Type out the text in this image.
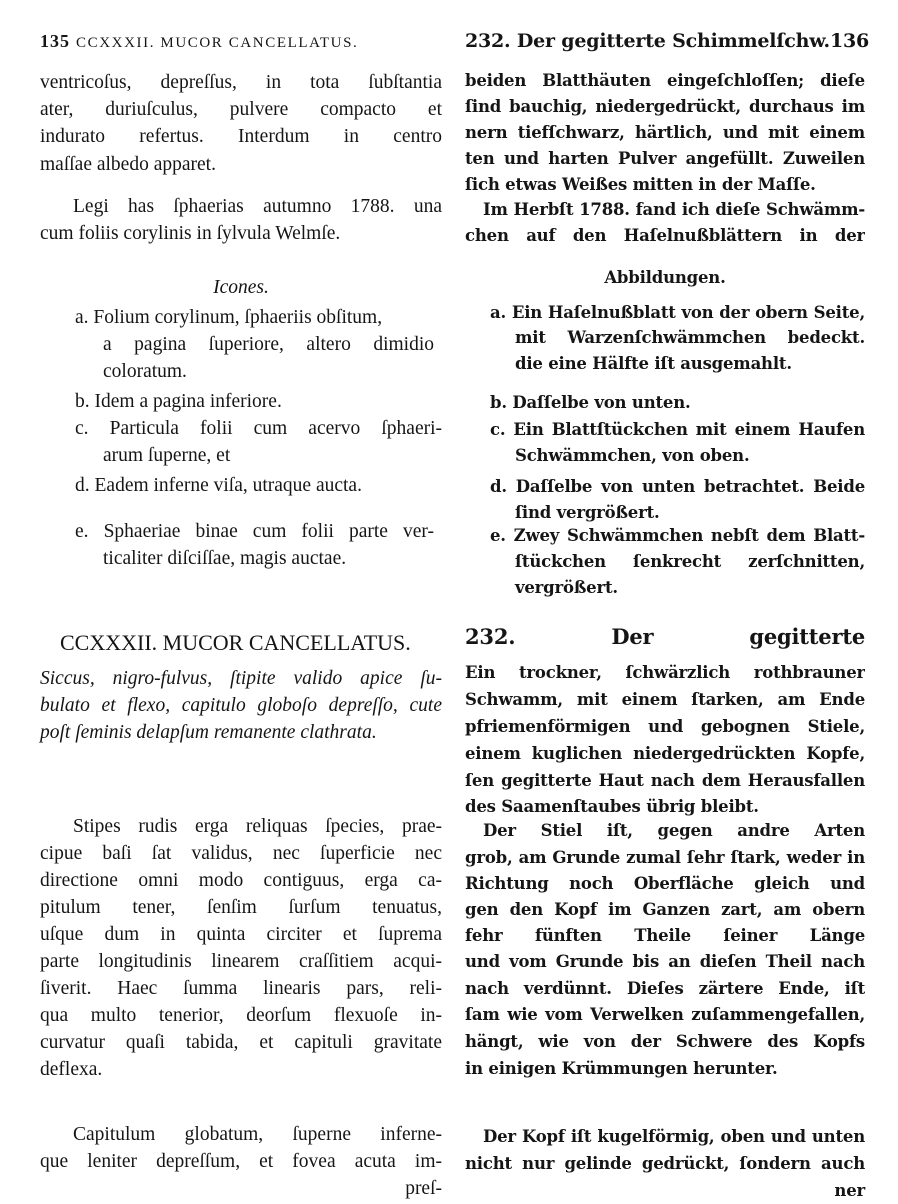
135 CCXXXII. MUCOR CANCELLATUS.
ventricoſus, depreſſus, in tota ſubſtantia
ater, duriuſculus, pulvere compacto et
indurato refertus. Interdum in centro
maſſae albedo apparet.
Legi has ſphaerias autumno 1788. una
cum foliis corylinis in ſylvula Welmſe.
Icones.
a. Folium corylinum, ſphaeriis obſitum,
a pagina ſuperiore, altero dimidio
coloratum.
b. Idem a pagina inferiore.
c. Particula folii cum acervo ſphaeri-
arum ſuperne, et
d. Eadem inferne viſa, utraque aucta.
e. Sphaeriae binae cum folii parte ver-
ticaliter diſciſſae, magis auctae.
CCXXXII. MUCOR CANCELLATUS.
Siccus, nigro-fulvus, ſtipite valido apice ſu-
bulato et flexo, capitulo globoſo depreſſo, cute
poſt ſeminis delapſum remanente clathrata.
Stipes rudis erga reliquas ſpecies, prae-
cipue baſi ſat validus, nec ſuperficie nec
directione omni modo contiguus, erga ca-
pitulum tener, ſenſim ſurſum tenuatus,
uſque dum in quinta circiter et ſuprema
parte longitudinis linearem craſſitiem acqui-
ſiverit. Haec ſumma linearis pars, reli-
qua multo tenerior, deorſum flexuoſe in-
curvatur quaſi tabida, et capituli gravitate
deflexa.
Capitulum globatum, ſuperne inferne-
que leniter depreſſum, et fovea acuta im-
preſ-
232. Der gegitterte Schimmelſchw. 136
beiden Blatthäuten eingeſchloſſen; dieſe
ſind bauchig, niedergedrückt, durchaus im
nern tiefſchwarz, härtlich, und mit einem
ten und harten Pulver angefüllt. Zuweilen
ſich etwas Weißes mitten in der Maſſe.
Im Herbſt 1788. fand ich dieſe Schwämm-
chen auf den Haſelnußblättern in der
Abbildungen.
a. Ein Haſelnußblatt von der obern Seite,
mit Warzenſchwämmchen bedeckt.
die eine Hälfte iſt ausgemahlt.
b. Daſſelbe von unten.
c. Ein Blattſtückchen mit einem Haufen
Schwämmchen, von oben.
d. Daſſelbe von unten betrachtet. Beide
ſind vergrößert.
e. Zwey Schwämmchen nebſt dem Blatt-
ſtückchen ſenkrecht zerſchnitten,
vergrößert.
232. Der gegitterte
Ein trockner, ſchwärzlich rothbrauner
Schwamm, mit einem ſtarken, am Ende
pfriemenförmigen und gebognen Stiele,
einem kuglichen niedergedrückten Kopfe,
ſen gegitterte Haut nach dem Herausfallen
des Saamenſtaubes übrig bleibt.
Der Stiel iſt, gegen andre Arten
grob, am Grunde zumal ſehr ſtark, weder in
Richtung noch Oberfläche gleich und
gen den Kopf im Ganzen zart, am obern
fehr fünften Theile ſeiner Länge
und vom Grunde bis an dieſen Theil nach
nach verdünnt. Dieſes zärtere Ende, iſt
ſam wie vom Verwelken zuſammengefallen,
hängt, wie von der Schwere des Kopfs
in einigen Krümmungen herunter.
Der Kopf iſt kugelförmig, oben und unten
nicht nur gelinde gedrückt, ſondern auch
ner
